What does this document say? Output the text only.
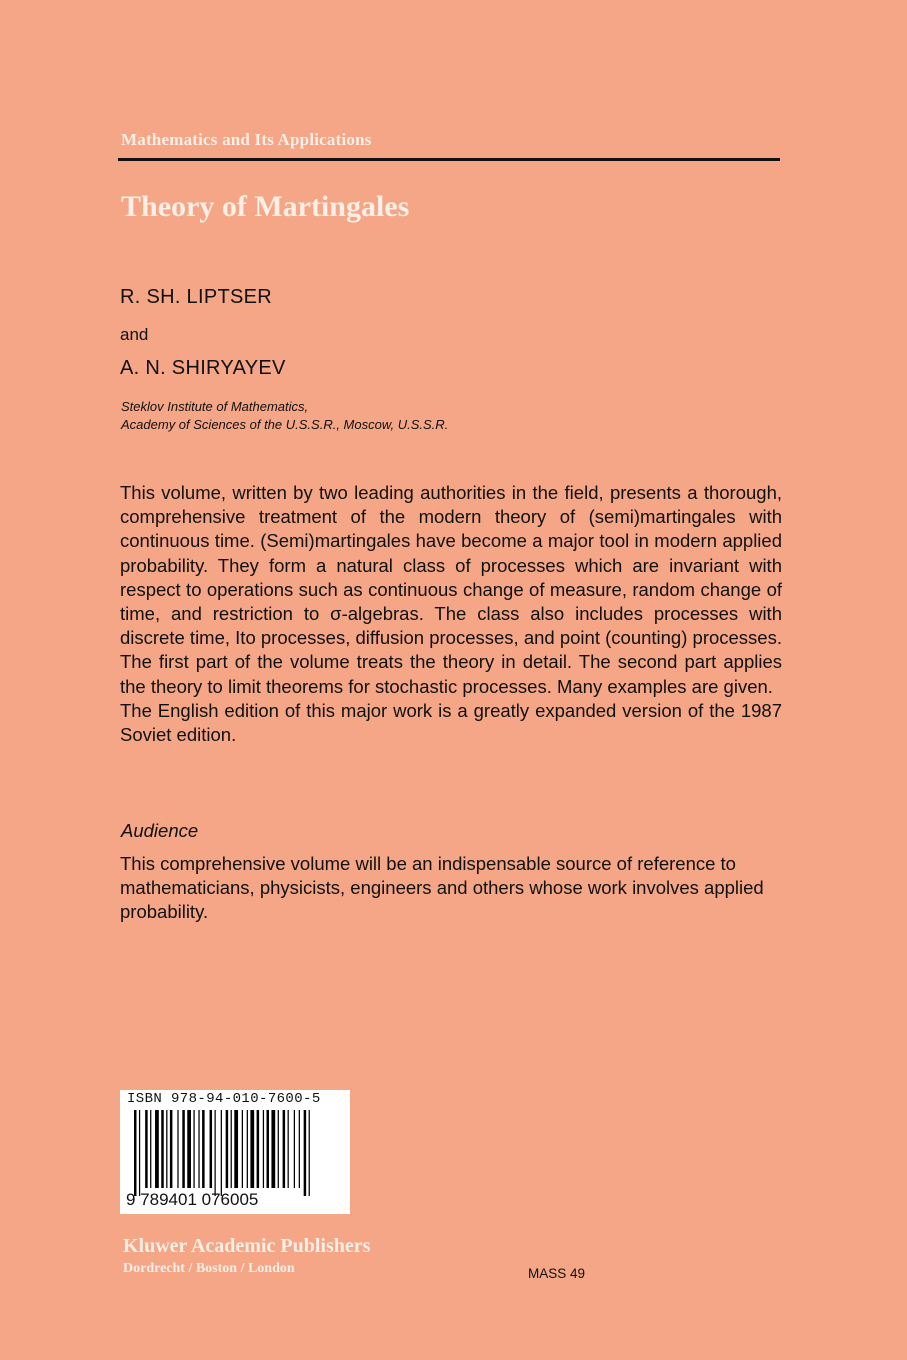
Mathematics and Its Applications
Theory of Martingales
R. SH. LIPTSER
and
A. N. SHIRYAYEV
Steklov Institute of Mathematics,
Academy of Sciences of the U.S.S.R., Moscow, U.S.S.R.

This volume, written by two leading authorities in the field, presents a thorough, comprehensive treatment of the modern theory of (semi)martingales with continuous time. (Semi)martingales have become a major tool in modern applied probability. They form a natural class of processes which are invariant with respect to operations such as continuous change of measure, random change of time, and restriction to σ-algebras. The class also includes processes with discrete time, Ito processes, diffusion processes, and point (counting) processes. The first part of the volume treats the theory in detail. The second part applies the theory to limit theorems for stochastic processes. Many examples are given.

The English edition of this major work is a greatly expanded version of the 1987 Soviet edition.

Audience
This comprehensive volume will be an indispensable source of reference to mathematicians, physicists, engineers and others whose work involves applied probability.
ISBN 978-94-010-7600-5
9 789401 076005
Kluwer Academic Publishers
Dordrecht / Boston / London	MASS 49
